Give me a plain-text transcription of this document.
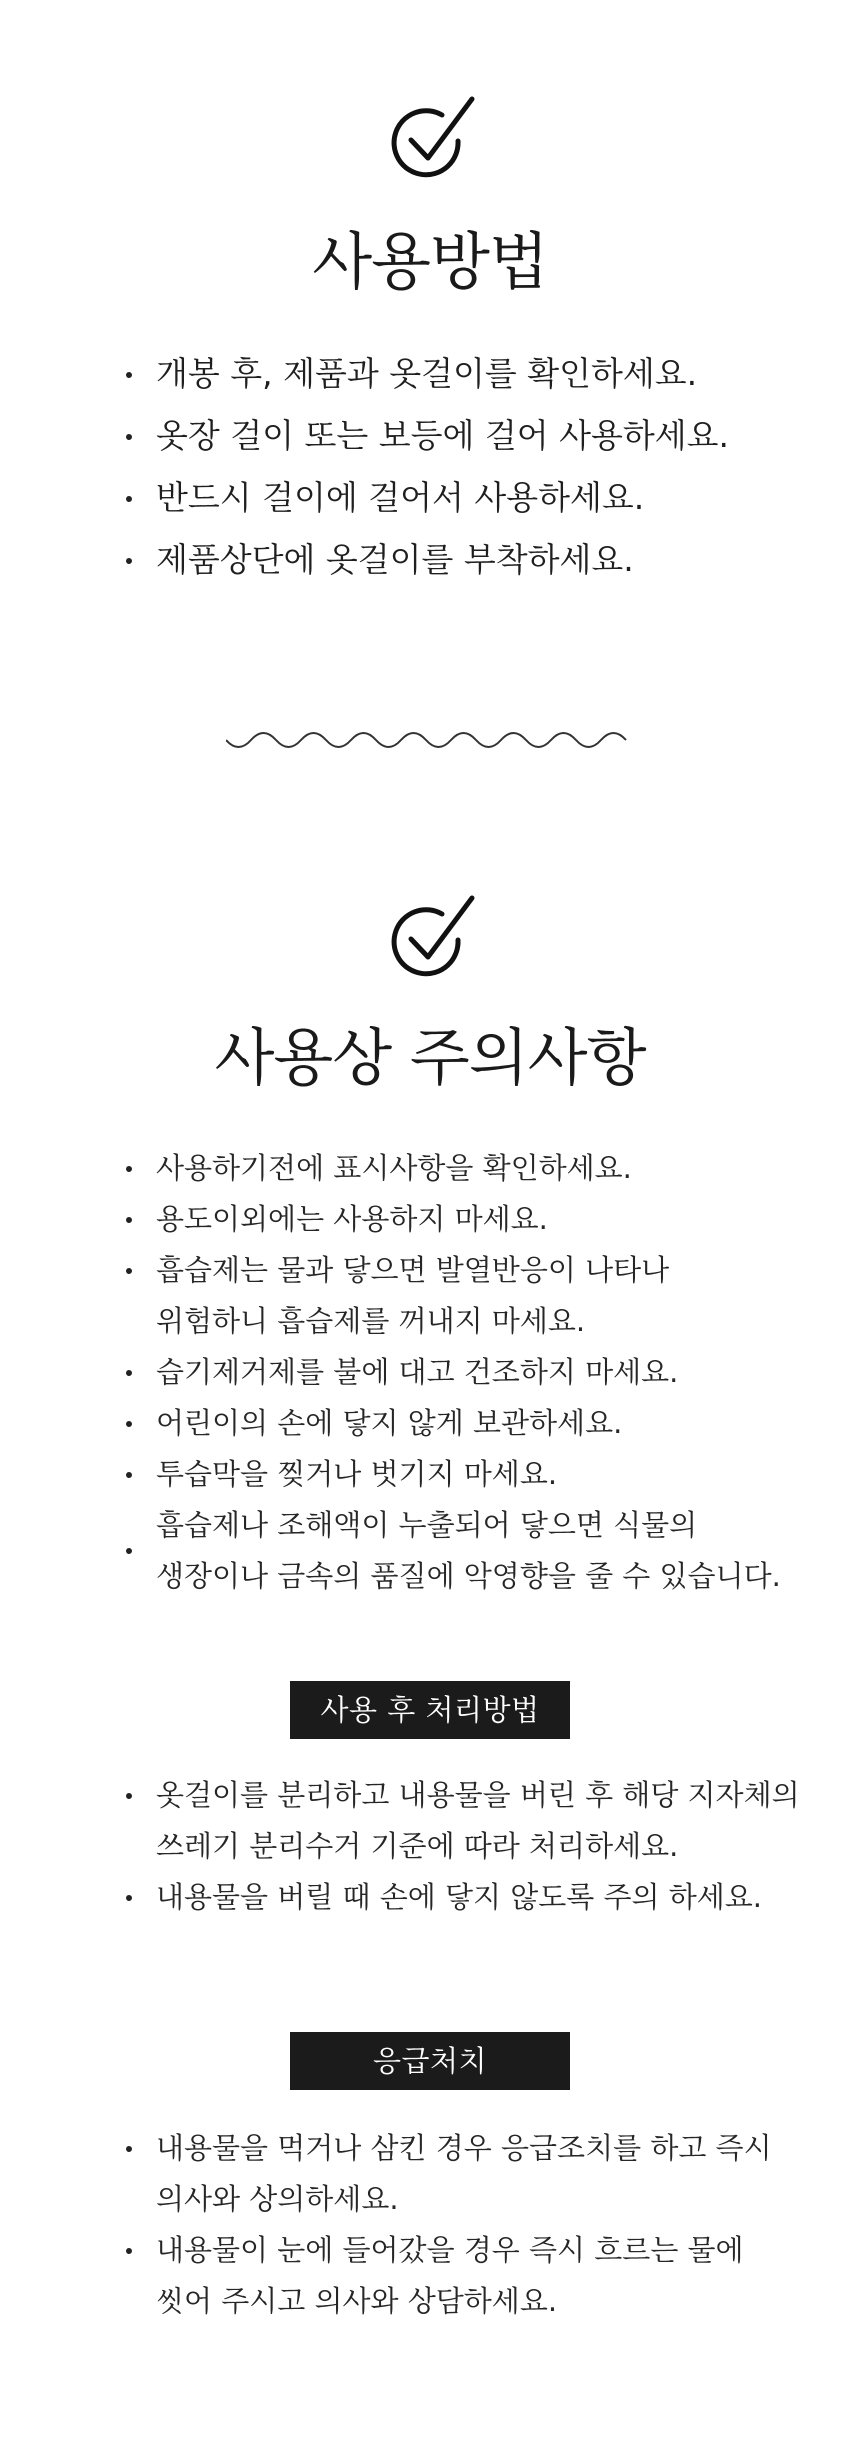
사용방법
개봉 후, 제품과 옷걸이를 확인하세요.
옷장 걸이 또는 보등에 걸어 사용하세요.
반드시 걸이에 걸어서 사용하세요.
제품상단에 옷걸이를 부착하세요.
사용상 주의사항
사용하기전에 표시사항을 확인하세요.
용도이외에는 사용하지 마세요.
흡습제는 물과 닿으면 발열반응이 나타나
위험하니 흡습제를 꺼내지 마세요.
습기제거제를 불에 대고 건조하지 마세요.
어린이의 손에 닿지 않게 보관하세요.
투습막을 찢거나 벗기지 마세요.
흡습제나 조해액이 누출되어 닿으면 식물의
생장이나 금속의 품질에 악영향을 줄 수 있습니다.
사용 후 처리방법
옷걸이를 분리하고 내용물을 버린 후 해당 지자체의
쓰레기 분리수거 기준에 따라 처리하세요.
내용물을 버릴 때 손에 닿지 않도록 주의 하세요.
응급처치
내용물을 먹거나 삼킨 경우 응급조치를 하고 즉시
의사와 상의하세요.
내용물이 눈에 들어갔을 경우 즉시 흐르는 물에
씻어 주시고 의사와 상담하세요.
